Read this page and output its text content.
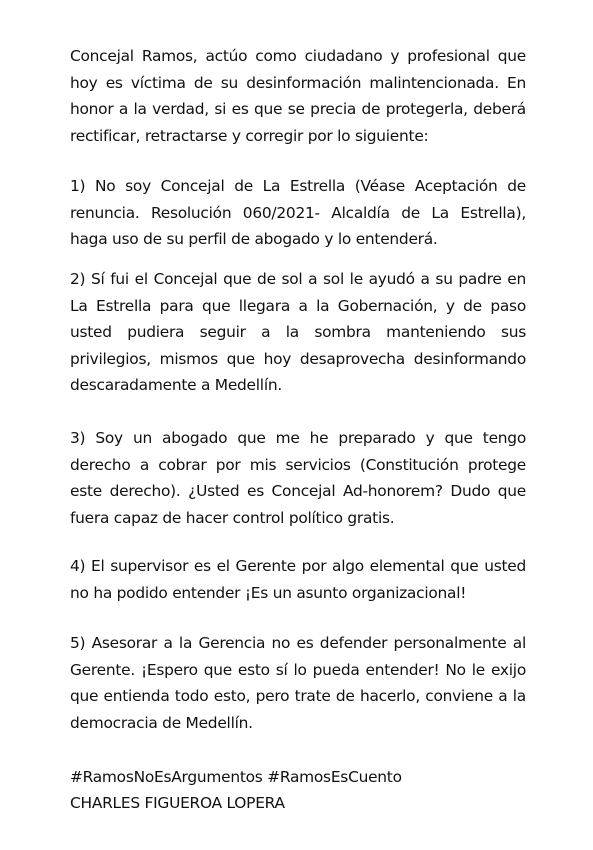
Concejal Ramos, actúo como ciudadano y profesional que hoy es víctima de su desinformación malintencionada. En honor a la verdad, si es que se precia de protegerla, deberá rectificar, retractarse y corregir por lo siguiente:

1) No soy Concejal de La Estrella (Véase Aceptación de renuncia. Resolución 060/2021- Alcaldía de La Estrella), haga uso de su perfil de abogado y lo entenderá.

2) Sí fui el Concejal que de sol a sol le ayudó a su padre en La Estrella para que llegara a la Gobernación, y de paso usted pudiera seguir a la sombra manteniendo sus privilegios, mismos que hoy desaprovecha desinformando descaradamente a Medellín.

3) Soy un abogado que me he preparado y que tengo derecho a cobrar por mis servicios (Constitución protege este derecho). ¿Usted es Concejal Ad-honorem? Dudo que fuera capaz de hacer control político gratis.

4) El supervisor es el Gerente por algo elemental que usted no ha podido entender ¡Es un asunto organizacional!

5) Asesorar a la Gerencia no es defender personalmente al Gerente. ¡Espero que esto sí lo pueda entender! No le exijo que entienda todo esto, pero trate de hacerlo, conviene a la democracia de Medellín.

#RamosNoEsArgumentos #RamosEsCuento

CHARLES FIGUEROA LOPERA
